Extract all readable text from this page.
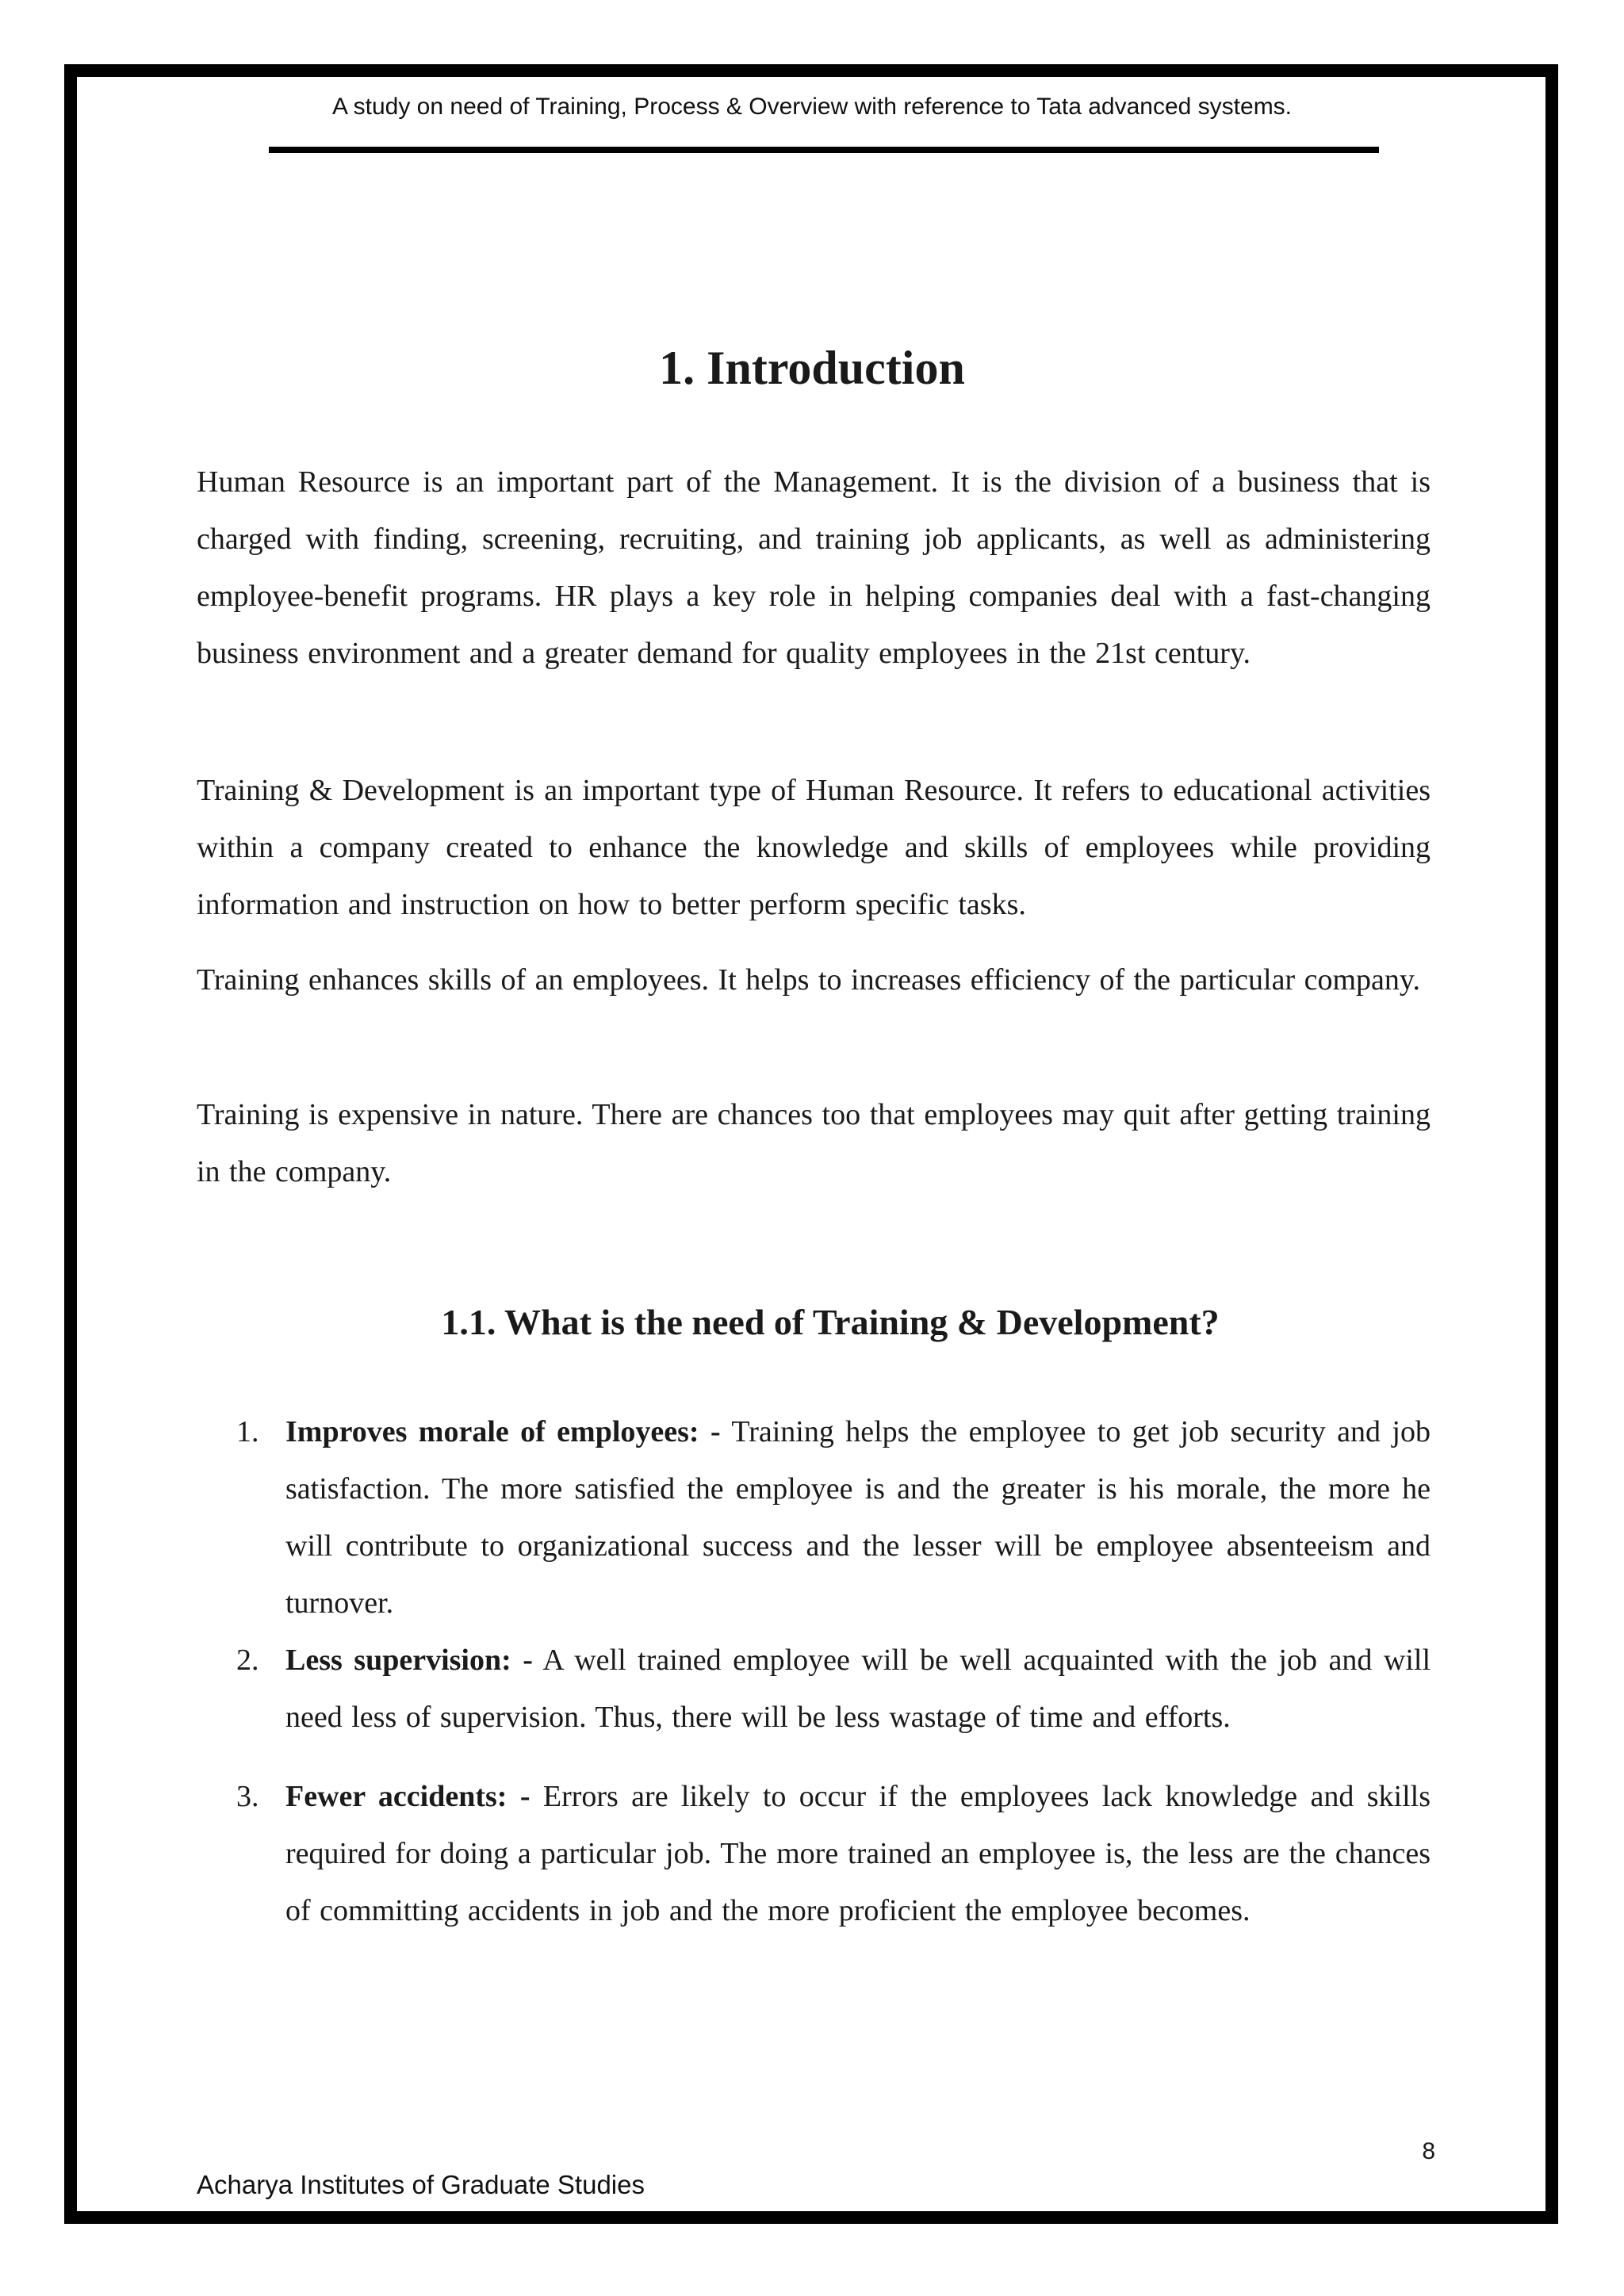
A study on need of Training, Process & Overview with reference to Tata advanced systems.
1. Introduction

Human Resource is an important part of the Management. It is the division of a business that is charged with finding, screening, recruiting, and training job applicants, as well as administering employee-benefit programs. HR plays a key role in helping companies deal with a fast-changing business environment and a greater demand for quality employees in the 21st century.

Training & Development is an important type of Human Resource. It refers to educational activities within a company created to enhance the knowledge and skills of employees while providing information and instruction on how to better perform specific tasks.

Training enhances skills of an employees. It helps to increases efficiency of the particular company.

Training is expensive in nature. There are chances too that employees may quit after getting training in the company.

1.1. What is the need of Training & Development?
1. Improves morale of employees: - Training helps the employee to get job security and job satisfaction. The more satisfied the employee is and the greater is his morale, the more he will contribute to organizational success and the lesser will be employee absenteeism and turnover.

2. Less supervision: - A well trained employee will be well acquainted with the job and will need less of supervision. Thus, there will be less wastage of time and efforts.

3. Fewer accidents: - Errors are likely to occur if the employees lack knowledge and skills required for doing a particular job. The more trained an employee is, the less are the chances of committing accidents in job and the more proficient the employee becomes.

8
Acharya Institutes of Graduate Studies
